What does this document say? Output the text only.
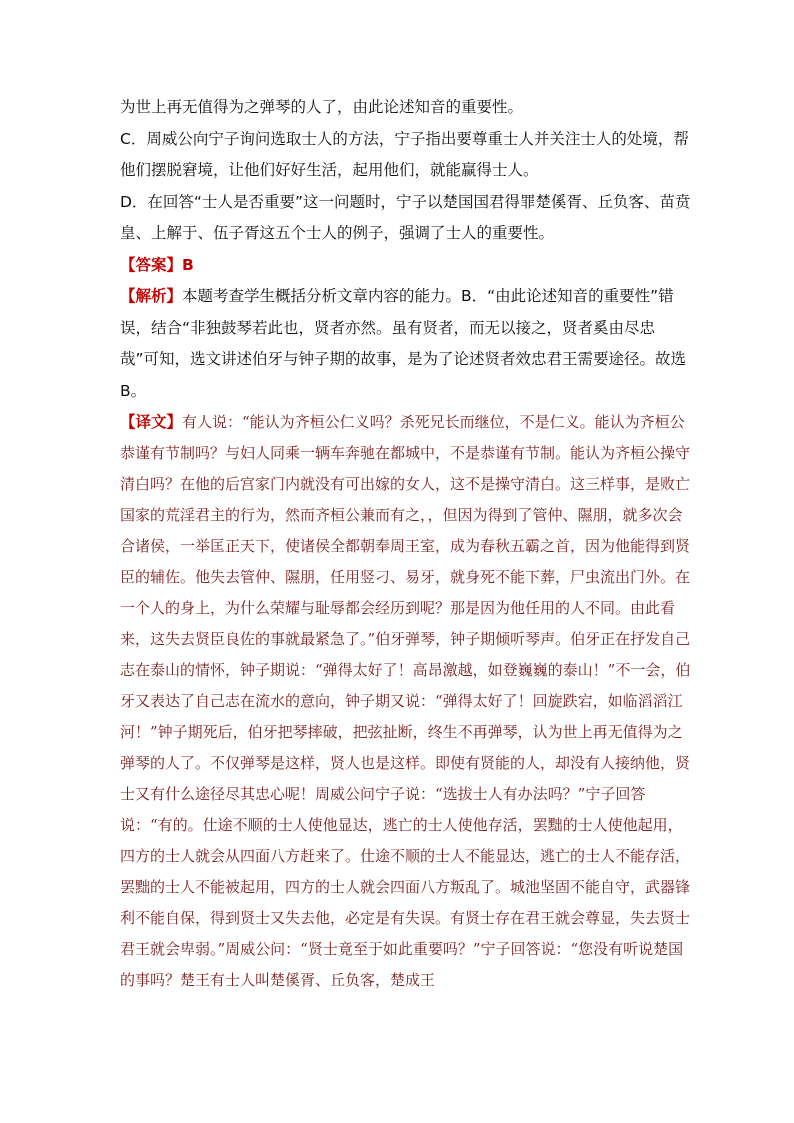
为世上再无值得为之弹琴的人了，由此论述知音的重要性。

C．周威公向宁子询问选取士人的方法，宁子指出要尊重士人并关注士人的处境，帮他们摆脱窘境，让他们好好生活，起用他们，就能赢得士人。

D．在回答“士人是否重要”这一问题时，宁子以楚国国君得罪楚傒胥、丘负客、苗贲皇、上解于、伍子胥这五个士人的例子，强调了士人的重要性。

【答案】B

【解析】本题考查学生概括分析文章内容的能力。B．“由此论述知音的重要性”错误，结合“非独鼓琴若此也，贤者亦然。虽有贤者，而无以接之，贤者奚由尽忠哉”可知，选文讲述伯牙与钟子期的故事，是为了论述贤者效忠君王需要途径。故选 B。

【译文】有人说：“能认为齐桓公仁义吗？杀死兄长而继位，不是仁义。能认为齐桓公恭谨有节制吗？与妇人同乘一辆车奔驰在都城中，不是恭谨有节制。能认为齐桓公操守清白吗？在他的后宫家门内就没有可出嫁的女人，这不是操守清白。这三样事，是败亡国家的荒淫君主的行为，然而齐桓公兼而有之，，但因为得到了管仲、隰朋，就多次会合诸侯，一举匡正天下，使诸侯全都朝奉周王室，成为春秋五霸之首，因为他能得到贤臣的辅佐。他失去管仲、隰朋，任用竖刁、易牙，就身死不能下葬，尸虫流出门外。在一个人的身上，为什么荣耀与耻辱都会经历到呢？那是因为他任用的人不同。由此看来，这失去贤臣良佐的事就最紧急了。”伯牙弹琴，钟子期倾听琴声。伯牙正在抒发自己志在泰山的情怀，钟子期说：“弹得太好了！高昂激越，如登巍巍的泰山！”不一会，伯牙又表达了自己志在流水的意向，钟子期又说：“弹得太好了！回旋跌宕，如临滔滔江河！”钟子期死后，伯牙把琴摔破，把弦扯断，终生不再弹琴，认为世上再无值得为之弹琴的人了。不仅弹琴是这样，贤人也是这样。即使有贤能的人，却没有人接纳他，贤士又有什么途径尽其忠心呢！周威公问宁子说：“选拔士人有办法吗？”宁子回答说：“有的。仕途不顺的士人使他显达，逃亡的士人使他存活，罢黜的士人使他起用，四方的士人就会从四面八方赶来了。仕途不顺的士人不能显达，逃亡的士人不能存活，罢黜的士人不能被起用，四方的士人就会四面八方叛乱了。城池坚固不能自守，武器锋利不能自保，得到贤士又失去他，必定是有失误。有贤士存在君王就会尊显，失去贤士君王就会卑弱。”周威公问：“贤士竟至于如此重要吗？”宁子回答说：“您没有听说楚国的事吗？楚王有士人叫楚傒胥、丘负客，楚成王
